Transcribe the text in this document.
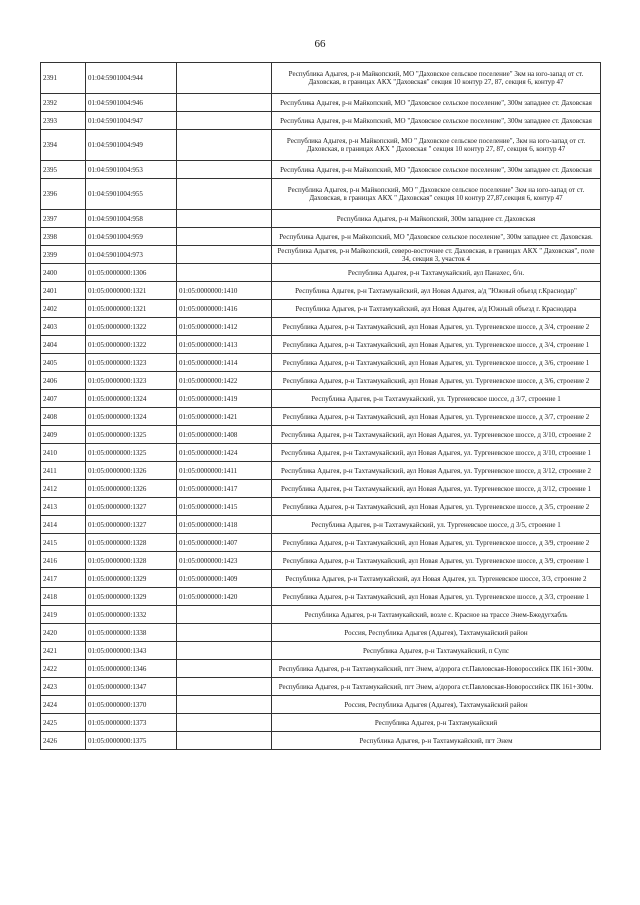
66
2391	01:04:5901004:944		Республика Адыгея, р-н Майкопский, МО "Даховское сельское поселение" 3км на юго-запад от ст. Даховская, в границах АКХ "Даховская" секция 10 контур 27, 87, секция 6, контур 47
2392	01:04:5901004:946		Республика Адыгея, р-н Майкопский, МО "Даховское сельское поселение", 300м западнее ст. Даховская
2393	01:04:5901004:947		Республика Адыгея, р-н Майкопский, МО "Даховское сельское поселение", 300м западнее ст. Даховская
2394	01:04:5901004:949		Республика Адыгея, р-н Майкопский, МО " Даховское сельское поселение", 3км на юго-запад от ст. Даховская, в границах АКХ " Даховская " секция 10 контур 27, 87, секция 6, контур 47
2395	01:04:5901004:953		Республика Адыгея, р-н Майкопский, МО "Даховское сельское поселение", 300м западнее ст. Даховская
2396	01:04:5901004:955		Республика Адыгея, р-н Майкопский, МО " Даховское сельское поселение" 3км на юго-запад от ст. Даховская, в границах АКХ " Даховская" секция 10 контур 27,87,секция 6, контур 47
2397	01:04:5901004:958		Республика Адыгея, р-н Майкопский, 300м западнее ст. Даховская
2398	01:04:5901004:959		Республика Адыгея, р-н Майкопский, МО "Даховское сельское поселение", 300м западнее ст. Даховская.
2399	01:04:5901004:973		Республика Адыгея, р-н Майкопский, северо-восточнее ст. Даховская, в границах АКХ " Даховская", поле 34, секция 3, участок 4
2400	01:05:0000000:1306		Республика Адыгея, р-н Тахтамукайский, аул Панахес, б/н.
2401	01:05:0000000:1321	01:05:0000000:1410	Республика Адыгея, р-н Тахтамукайский, аул Новая Адыгея, а/д "Южный обьезд г.Краснодар"
2402	01:05:0000000:1321	01:05:0000000:1416	Республика Адыгея, р-н Тахтамукайский, аул Новая Адыгея, а/д Южный объезд г. Краснодара
2403	01:05:0000000:1322	01:05:0000000:1412	Республика Адыгея, р-н Тахтамукайский, аул Новая Адыгея, ул. Тургеневское шоссе, д 3/4, строение 2
2404	01:05:0000000:1322	01:05:0000000:1413	Республика Адыгея, р-н Тахтамукайский, аул Новая Адыгея, ул. Тургеневское шоссе, д 3/4, строение 1
2405	01:05:0000000:1323	01:05:0000000:1414	Республика Адыгея, р-н Тахтамукайский, аул Новая Адыгея, ул. Тургеневское шоссе, д 3/6, строение 1
2406	01:05:0000000:1323	01:05:0000000:1422	Республика Адыгея, р-н Тахтамукайский, аул Новая Адыгея, ул. Тургеневское шоссе, д 3/6, строение 2
2407	01:05:0000000:1324	01:05:0000000:1419	Республика Адыгея, р-н Тахтамукайский, ул. Тургеневское шоссе, д 3/7, строение 1
2408	01:05:0000000:1324	01:05:0000000:1421	Республика Адыгея, р-н Тахтамукайский, аул Новая Адыгея, ул. Тургеневское шоссе, д 3/7, строение 2
2409	01:05:0000000:1325	01:05:0000000:1408	Республика Адыгея, р-н Тахтамукайский, аул Новая Адыгея, ул. Тургеневское шоссе, д 3/10, строение 2
2410	01:05:0000000:1325	01:05:0000000:1424	Республика Адыгея, р-н Тахтамукайский, аул Новая Адыгея, ул. Тургеневское шоссе, д 3/10, строение 1
2411	01:05:0000000:1326	01:05:0000000:1411	Республика Адыгея, р-н Тахтамукайский, аул Новая Адыгея, ул. Тургеневское шоссе, д 3/12, строение 2
2412	01:05:0000000:1326	01:05:0000000:1417	Республика Адыгея, р-н Тахтамукайский, аул Новая Адыгея, ул. Тургеневское шоссе, д 3/12, строение 1
2413	01:05:0000000:1327	01:05:0000000:1415	Республика Адыгея, р-н Тахтамукайский, аул Новая Адыгея, ул. Тургеневское шоссе, д 3/5, строение 2
2414	01:05:0000000:1327	01:05:0000000:1418	Республика Адыгея, р-н Тахтамукайский, ул. Тургеневское шоссе, д 3/5, строение 1
2415	01:05:0000000:1328	01:05:0000000:1407	Республика Адыгея, р-н Тахтамукайский, аул Новая Адыгея, ул. Тургеневское шоссе, д 3/9, строение 2
2416	01:05:0000000:1328	01:05:0000000:1423	Республика Адыгея, р-н Тахтамукайский, аул Новая Адыгея, ул. Тургеневское шоссе, д 3/9, строение 1
2417	01:05:0000000:1329	01:05:0000000:1409	Республика Адыгея, р-н Тахтамукайский, аул Новая Адыгея, ул. Тургеневское шоссе, 3/3, строение 2
2418	01:05:0000000:1329	01:05:0000000:1420	Республика Адыгея, р-н Тахтамукайский, аул Новая Адыгея, ул. Тургеневское шоссе, д 3/3, строение 1
2419	01:05:0000000:1332		Республика Адыгея, р-н Тахтамукайский, возле с. Красное на трассе Энем-Бжедугхабль
2420	01:05:0000000:1338		Россия, Республика Адыгея (Адыгея), Тахтамукайский район
2421	01:05:0000000:1343		Республика Адыгея, р-н Тахтамукайский, п Супс
2422	01:05:0000000:1346		Республика Адыгея, р-н Тахтамукайский, пгт Энем, а/дорога ст.Павловская-Новороссийск ПК 161+300м.
2423	01:05:0000000:1347		Республика Адыгея, р-н Тахтамукайский, пгт Энем, а/дорога ст.Павловская-Новороссийск ПК 161+300м.
2424	01:05:0000000:1370		Россия, Республика Адыгея (Адыгея), Тахтамукайский район
2425	01:05:0000000:1373		Республика Адыгея, р-н Тахтамукайский
2426	01:05:0000000:1375		Республика Адыгея, р-н Тахтамукайский, пгт Энем
